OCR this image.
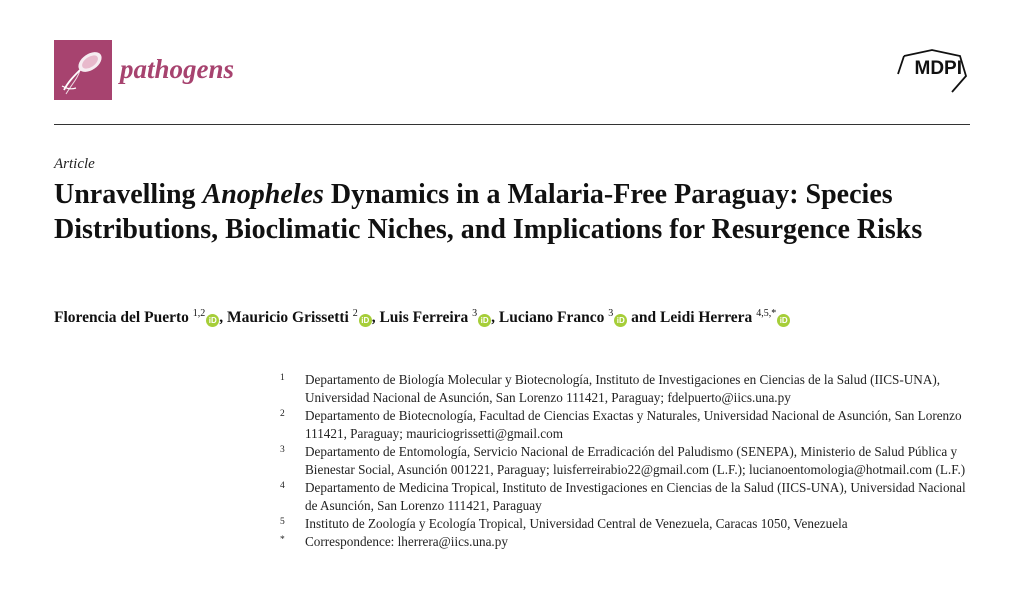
pathogens	MDPI
Article
Unravelling Anopheles Dynamics in a Malaria-Free Paraguay: Species Distributions, Bioclimatic Niches, and Implications for Resurgence Risks
Florencia del Puerto $^{1,2}$iD , Mauricio Grissetti $^2$iD , Luis Ferreira $^3$iD , Luciano Franco $^3$iD and Leidi Herrera $^{4,5,*}$iD
1 Departamento de Biología Molecular y Biotecnología, Instituto de Investigaciones en Ciencias de la Salud (IICS-UNA), Universidad Nacional de Asunción, San Lorenzo 111421, Paraguay; fdelpuerto@iics.una.py
2 Departamento de Biotecnología, Facultad de Ciencias Exactas y Naturales, Universidad Nacional de Asunción, San Lorenzo 111421, Paraguay; mauriciogrissetti@gmail.com
3 Departamento de Entomología, Servicio Nacional de Erradicación del Paludismo (SENEPA), Ministerio de Salud Pública y Bienestar Social, Asunción 001221, Paraguay; luisferreirabio22@gmail.com (L.F.); lucianoentomologia@hotmail.com (L.F.)
4 Departamento de Medicina Tropical, Instituto de Investigaciones en Ciencias de la Salud (IICS-UNA), Universidad Nacional de Asunción, San Lorenzo 111421, Paraguay
5 Instituto de Zoología y Ecología Tropical, Universidad Central de Venezuela, Caracas 1050, Venezuela
* Correspondence: lherrera@iics.una.py
